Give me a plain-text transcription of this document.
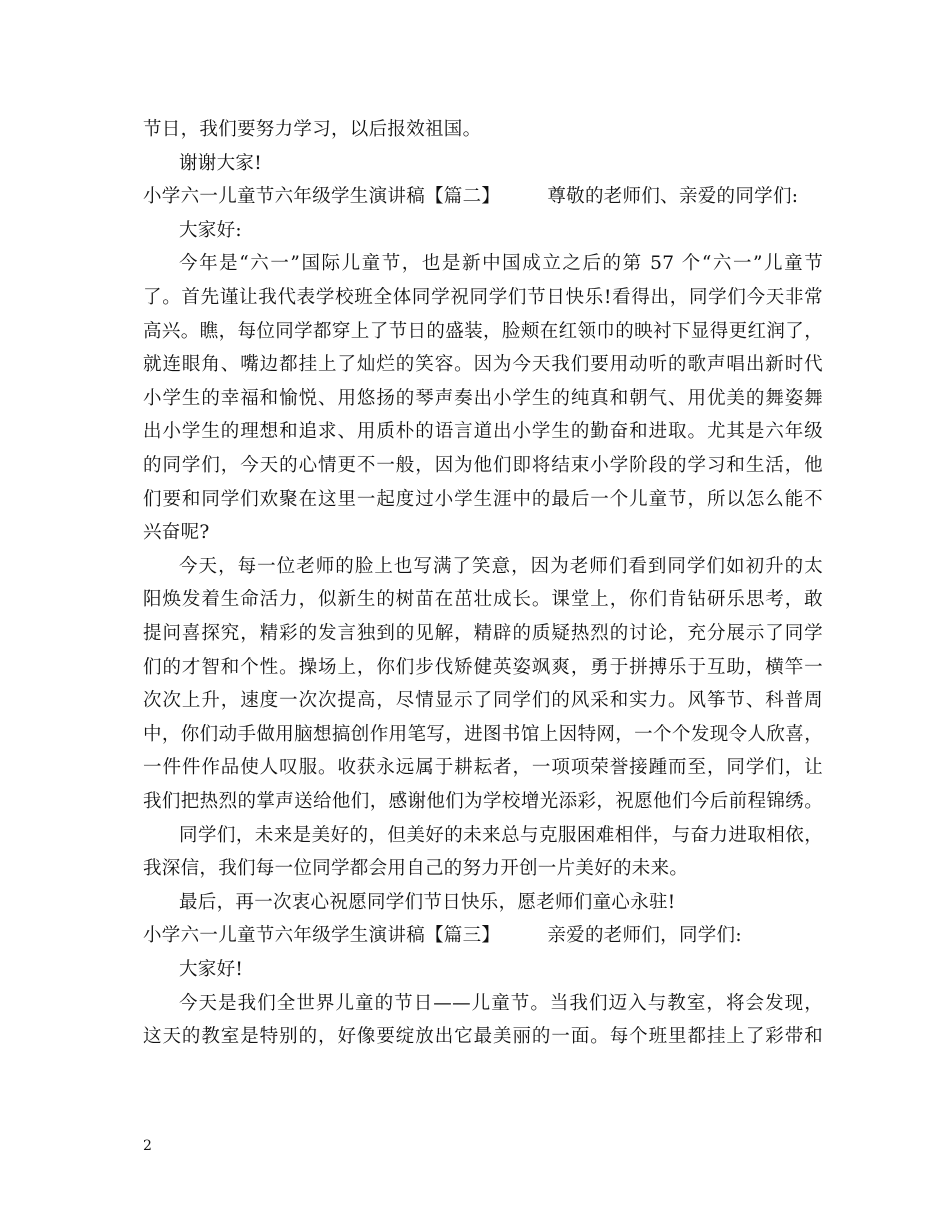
节日，我们要努力学习，以后报效祖国。
谢谢大家!
小学六一儿童节六年级学生演讲稿【篇二】　　　尊敬的老师们、亲爱的同学们:
大家好:
今年是“六一”国际儿童节，也是新中国成立之后的第 57 个“六一”儿童节
了。首先谨让我代表学校班全体同学祝同学们节日快乐!看得出，同学们今天非常
高兴。瞧，每位同学都穿上了节日的盛装，脸颊在红领巾的映衬下显得更红润了，
就连眼角、嘴边都挂上了灿烂的笑容。因为今天我们要用动听的歌声唱出新时代
小学生的幸福和愉悦、用悠扬的琴声奏出小学生的纯真和朝气、用优美的舞姿舞
出小学生的理想和追求、用质朴的语言道出小学生的勤奋和进取。尤其是六年级
的同学们，今天的心情更不一般，因为他们即将结束小学阶段的学习和生活，他
们要和同学们欢聚在这里一起度过小学生涯中的最后一个儿童节，所以怎么能不
兴奋呢?
今天，每一位老师的脸上也写满了笑意，因为老师们看到同学们如初升的太
阳焕发着生命活力，似新生的树苗在茁壮成长。课堂上，你们肯钻研乐思考，敢
提问喜探究，精彩的发言独到的见解，精辟的质疑热烈的讨论，充分展示了同学
们的才智和个性。操场上，你们步伐矫健英姿飒爽，勇于拼搏乐于互助，横竿一
次次上升，速度一次次提高，尽情显示了同学们的风采和实力。风筝节、科普周
中，你们动手做用脑想搞创作用笔写，进图书馆上因特网，一个个发现令人欣喜，
一件件作品使人叹服。收获永远属于耕耘者，一项项荣誉接踵而至，同学们，让
我们把热烈的掌声送给他们，感谢他们为学校增光添彩，祝愿他们今后前程锦绣。
同学们，未来是美好的，但美好的未来总与克服困难相伴，与奋力进取相依，
我深信，我们每一位同学都会用自己的努力开创一片美好的未来。
最后，再一次衷心祝愿同学们节日快乐，愿老师们童心永驻!
小学六一儿童节六年级学生演讲稿【篇三】　　　亲爱的老师们，同学们:
大家好!
今天是我们全世界儿童的节日——儿童节。当我们迈入与教室，将会发现，
这天的教室是特别的，好像要绽放出它最美丽的一面。每个班里都挂上了彩带和
2
